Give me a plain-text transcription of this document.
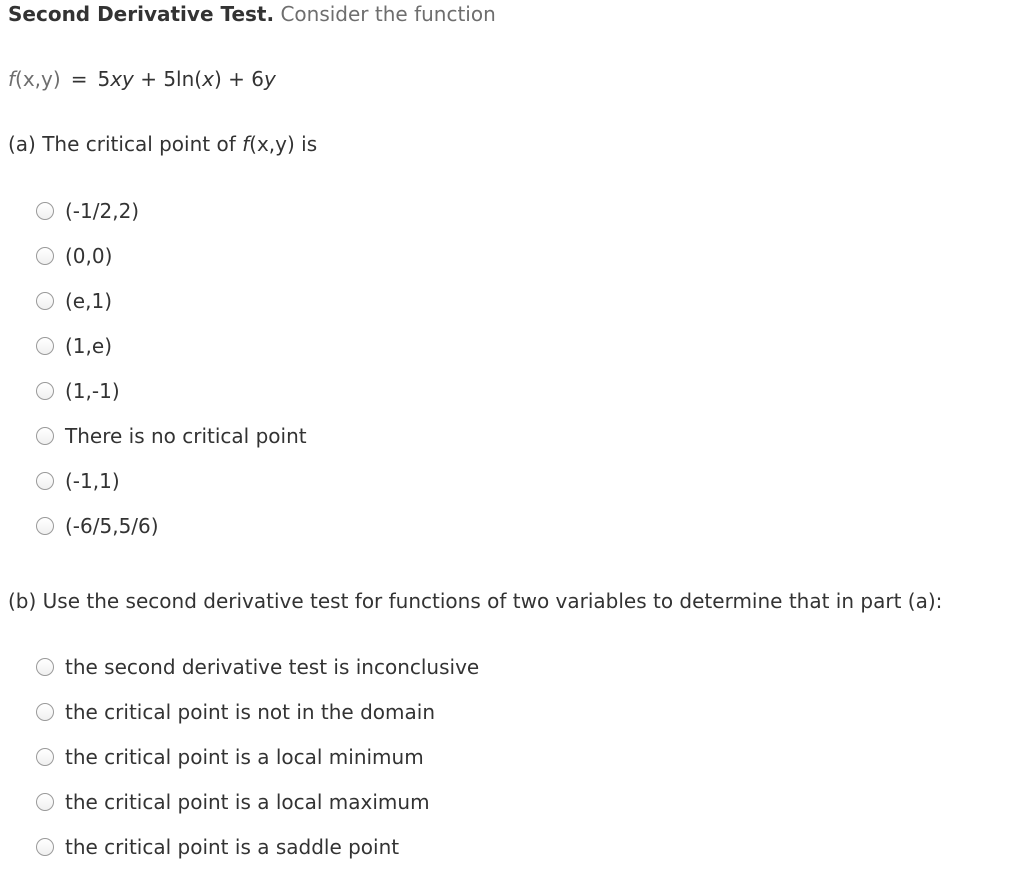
Second Derivative Test. Consider the function
f(x,y) = 5xy + 5ln(x) + 6y
(a) The critical point of f(x,y) is
(-1/2,2)
(0,0)
(e,1)
(1,e)
(1,-1)
There is no critical point
(-1,1)
(-6/5,5/6)
(b) Use the second derivative test for functions of two variables to determine that in part (a):
the second derivative test is inconclusive
the critical point is not in the domain
the critical point is a local minimum
the critical point is a local maximum
the critical point is a saddle point
